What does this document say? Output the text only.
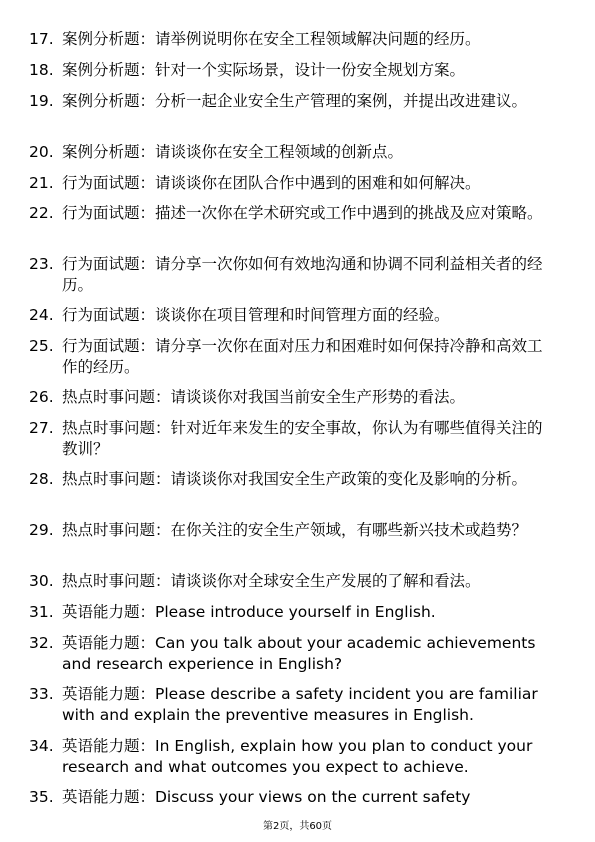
17. 案例分析题：请举例说明你在安全工程领域解决问题的经历。
18. 案例分析题：针对一个实际场景，设计一份安全规划方案。
19. 案例分析题：分析一起企业安全生产管理的案例，并提出改进建议。
20. 案例分析题：请谈谈你在安全工程领域的创新点。
21. 行为面试题：请谈谈你在团队合作中遇到的困难和如何解决。
22. 行为面试题：描述一次你在学术研究或工作中遇到的挑战及应对策略。
23. 行为面试题：请分享一次你如何有效地沟通和协调不同利益相关者的经历。
24. 行为面试题：谈谈你在项目管理和时间管理方面的经验。
25. 行为面试题：请分享一次你在面对压力和困难时如何保持冷静和高效工作的经历。
26. 热点时事问题：请谈谈你对我国当前安全生产形势的看法。
27. 热点时事问题：针对近年来发生的安全事故，你认为有哪些值得关注的教训？
28. 热点时事问题：请谈谈你对我国安全生产政策的变化及影响的分析。
29. 热点时事问题：在你关注的安全生产领域，有哪些新兴技术或趋势？
30. 热点时事问题：请谈谈你对全球安全生产发展的了解和看法。
31. 英语能力题：Please introduce yourself in English.
32. 英语能力题：Can you talk about your academic achievements and research experience in English?
33. 英语能力题：Please describe a safety incident you are familiar with and explain the preventive measures in English.
34. 英语能力题：In English, explain how you plan to conduct your research and what outcomes you expect to achieve.
35. 英语能力题：Discuss your views on the current safety
第2页，共60页
